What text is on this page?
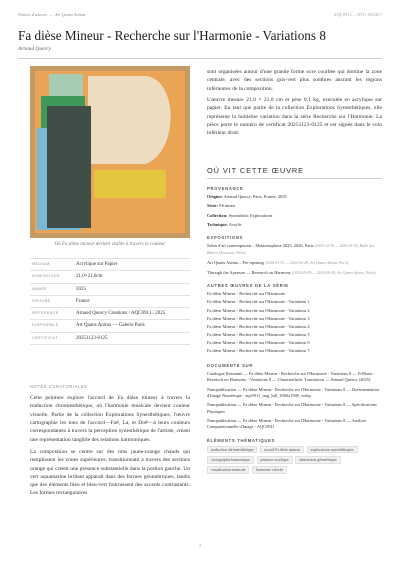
Notices d'œuvres — Art Quanx Anima	AQC0911 – NTC-000207
Fa dièse Mineur - Recherche sur l'Harmonie - Variations 8
Arnaud Quercy

Où Fa dièse mineur devient visible à travers la couleur

MÉDIUM	Acrylique sur Papier
DIMENSIONS	21.0×21.0cm
ANNÉE	2025
ORIGINE	France
RÉFÉRENCE	Arnaud Quercy Creations / AQC0911 / 2025
DISPONIBLE	Art Quans Anima — Galerie Paris
CERTIFICAT	20251123-0125
NOTES CURATORIALES

Cette peinture explore l'accord de Fa dièse mineur à travers la traduction chromesthétique, où l'harmonie musicale devient couleur visuelle. Partie de la collection Explorations Synesthétiques, l'œuvre cartographie les tons de l'accord—Fa#, La, et Do#—à leurs couleurs correspondantes à travers la perception synesthétique de l'artiste, créant une représentation tangible des relations harmoniques.

La composition se centre sur des tons jaune-orange chauds qui remplissent les zones supérieures, transitionnant à travers des sections orange qui créent une présence substantielle dans la portion gauche. Un vert aquamarine brillant apparaît dans des formes géométriques, tandis que des éléments bleu et bleu-vert fournissent des accents contrastants. Les formes rectangulaires

sont organisées autour d'une grande forme ocre courbée qui domine la zone centrale, avec des sections gris-vert plus sombres ancrant les régions inférieures de la composition.

L'œuvre mesure 21,0 × 21,0 cm et pèse 0,1 kg, exécutée en acrylique sur papier. En tant que partie de la collection Explorations Synesthétiques, elle représente la huitième variation dans la série Recherche sur l'Harmonie. La pièce porte le numéro de certificat 20251123-0125 et est signée dans le coin inférieur droit.

OÙ VIT CETTE ŒUVRE
PROVENANCE

Origine: Arnaud Quercy, Paris, France, 2025

Série: F# minor

Collection: Synesthetic Explorations

Technique: Acrylic

EXPOSITIONS

Salon d'art contemporain – Metamorphose 2025–2026, Paris (2025-12-30 — 2026-01-03, Halle des Blancs Manteaux, Paris)

Art Quans Anima – Pre-opening (2026-01-31 — 2026-02-28, Art Quans Anima, Paris)

Through the Aperture — Research on Harmony (2026-05-09 — 2026-06-30, Art Quans Anima, Paris)

AUTRES ŒUVRES DE LA SÉRIE
Fa dièse Mineur - Recherche sur l'Harmonie
Fa dièse Mineur - Recherche sur l'Harmonie - Variations 1
Fa dièse Mineur - Recherche sur l'Harmonie - Variations 2
Fa dièse Mineur - Recherche sur l'Harmonie - Variations 3
Fa dièse Mineur - Recherche sur l'Harmonie - Variations 4
Fa dièse Mineur - Recherche sur l'Harmonie - Variations 5
Fa dièse Mineur - Recherche sur l'Harmonie - Variations 6
Fa dièse Mineur - Recherche sur l'Harmonie - Variations 7
DOCUMENTÉ SUR

Catalogue Raisonné — Fa dièse Mineur - Recherche sur l'Harmonie - Variations 8 — FrMaior - Research on Harmony - Variations 8 — Chromesthetic Translation — Arnaud Quercy (2025)

Nanopublication — Fa dièse Mineur - Recherche sur l'Harmonie - Variations 8 — Documentation d'Image Numérique - aqc0911_img_hdl_1900x1900_webp

Nanopublication — Fa dièse Mineur - Recherche sur l'Harmonie - Variations 8 — Spécifications Physiques

Nanopublication — Fa dièse Mineur - Recherche sur l'Harmonie - Variations 8 — Analyse Computationnelle d'Image - AQC0911

ÉLÉMENTS THÉMATIQUES
traduction chromesthétique	accord Fa dièse mineur	explorations synesthétiques
cartographie harmonique	peinture acrylique	abstraction géométrique
visualisation musicale	harmonie colorée
2
